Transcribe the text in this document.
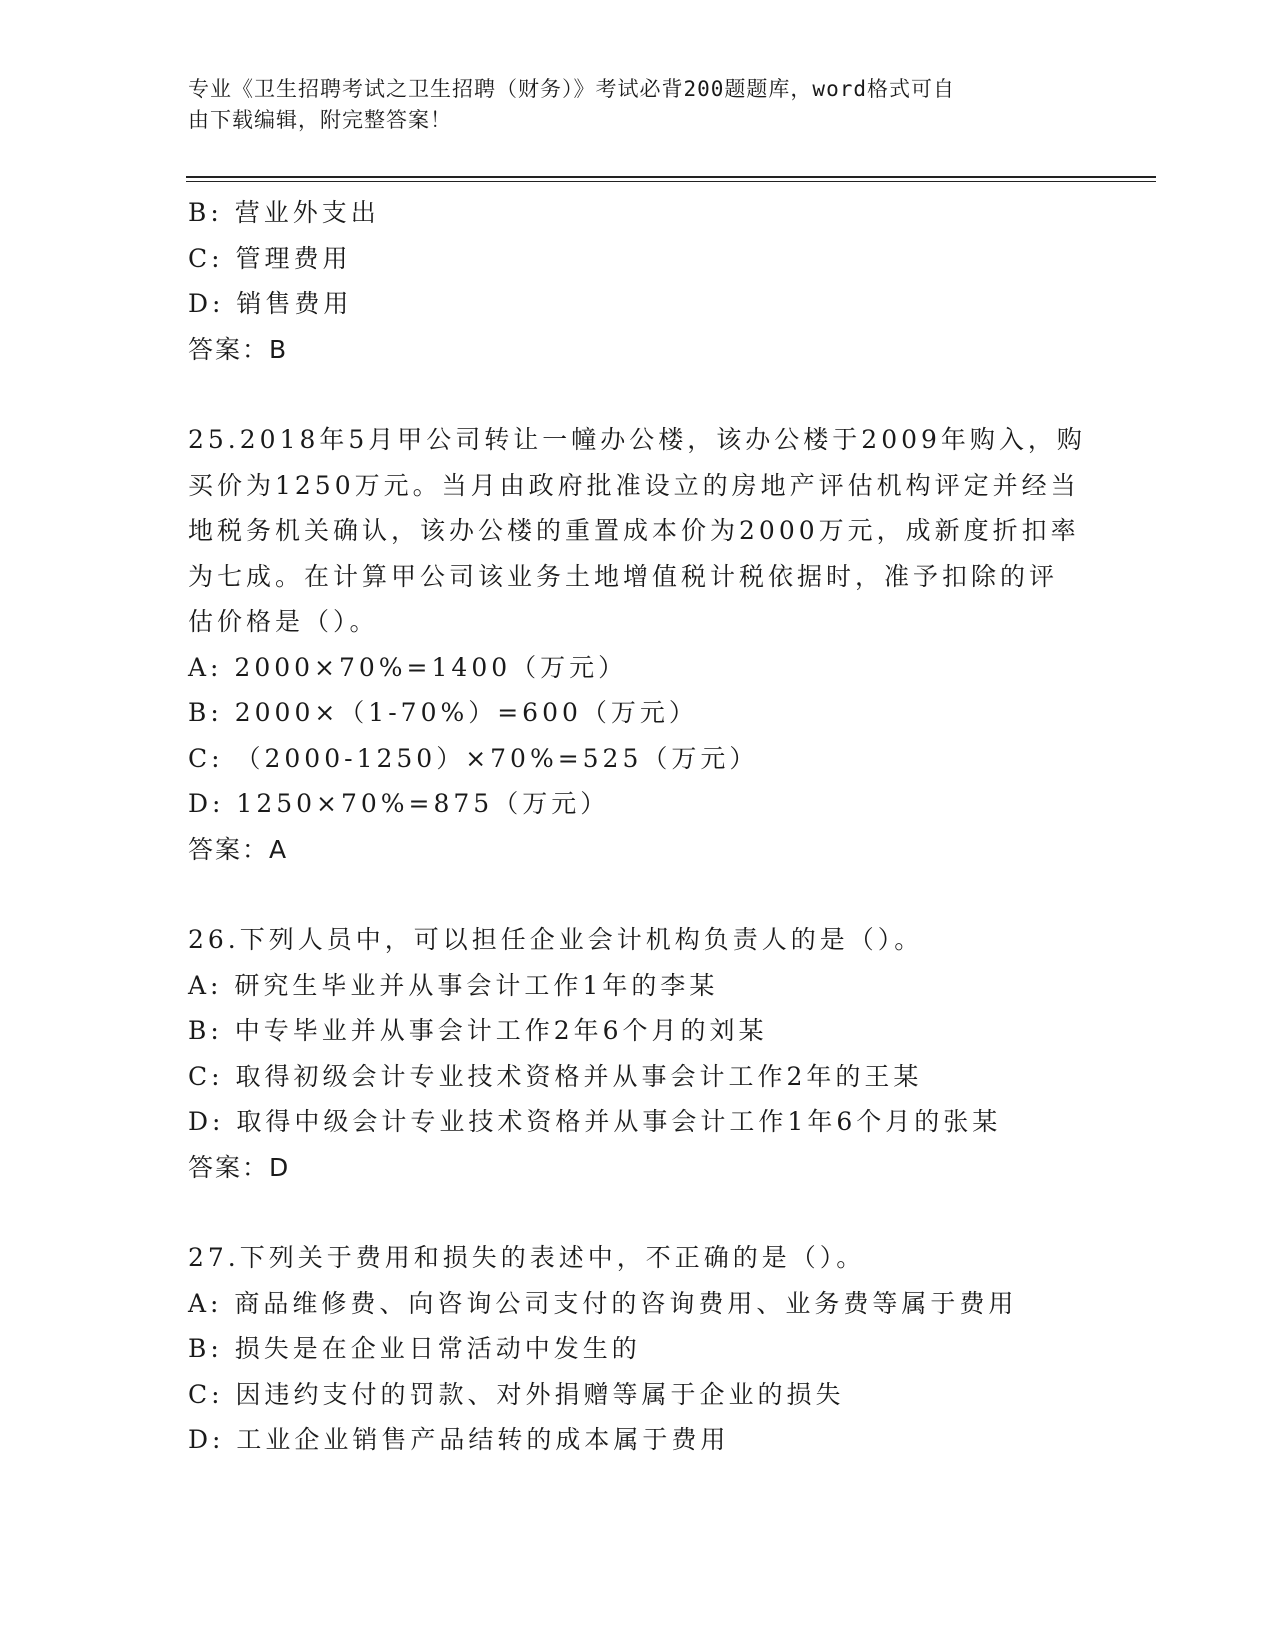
专业《卫生招聘考试之卫生招聘（财务）》考试必背200题题库，word格式可自
由下载编辑，附完整答案！
B: 营业外支出
C: 管理费用
D: 销售费用
答案：B
25.2018年5月甲公司转让一幢办公楼，该办公楼于2009年购入，购
买价为1250万元。当月由政府批准设立的房地产评估机构评定并经当
地税务机关确认，该办公楼的重置成本价为2000万元，成新度折扣率
为七成。在计算甲公司该业务土地增值税计税依据时，准予扣除的评
估价格是（）。
A: 2000×70%=1400（万元）
B: 2000×（1-70%）=600（万元）
C: （2000-1250）×70%=525（万元）
D: 1250×70%=875（万元）
答案：A
26.下列人员中，可以担任企业会计机构负责人的是（）。
A: 研究生毕业并从事会计工作1年的李某
B: 中专毕业并从事会计工作2年6个月的刘某
C: 取得初级会计专业技术资格并从事会计工作2年的王某
D: 取得中级会计专业技术资格并从事会计工作1年6个月的张某
答案：D
27.下列关于费用和损失的表述中，不正确的是（）。
A: 商品维修费、向咨询公司支付的咨询费用、业务费等属于费用
B: 损失是在企业日常活动中发生的
C: 因违约支付的罚款、对外捐赠等属于企业的损失
D: 工业企业销售产品结转的成本属于费用
